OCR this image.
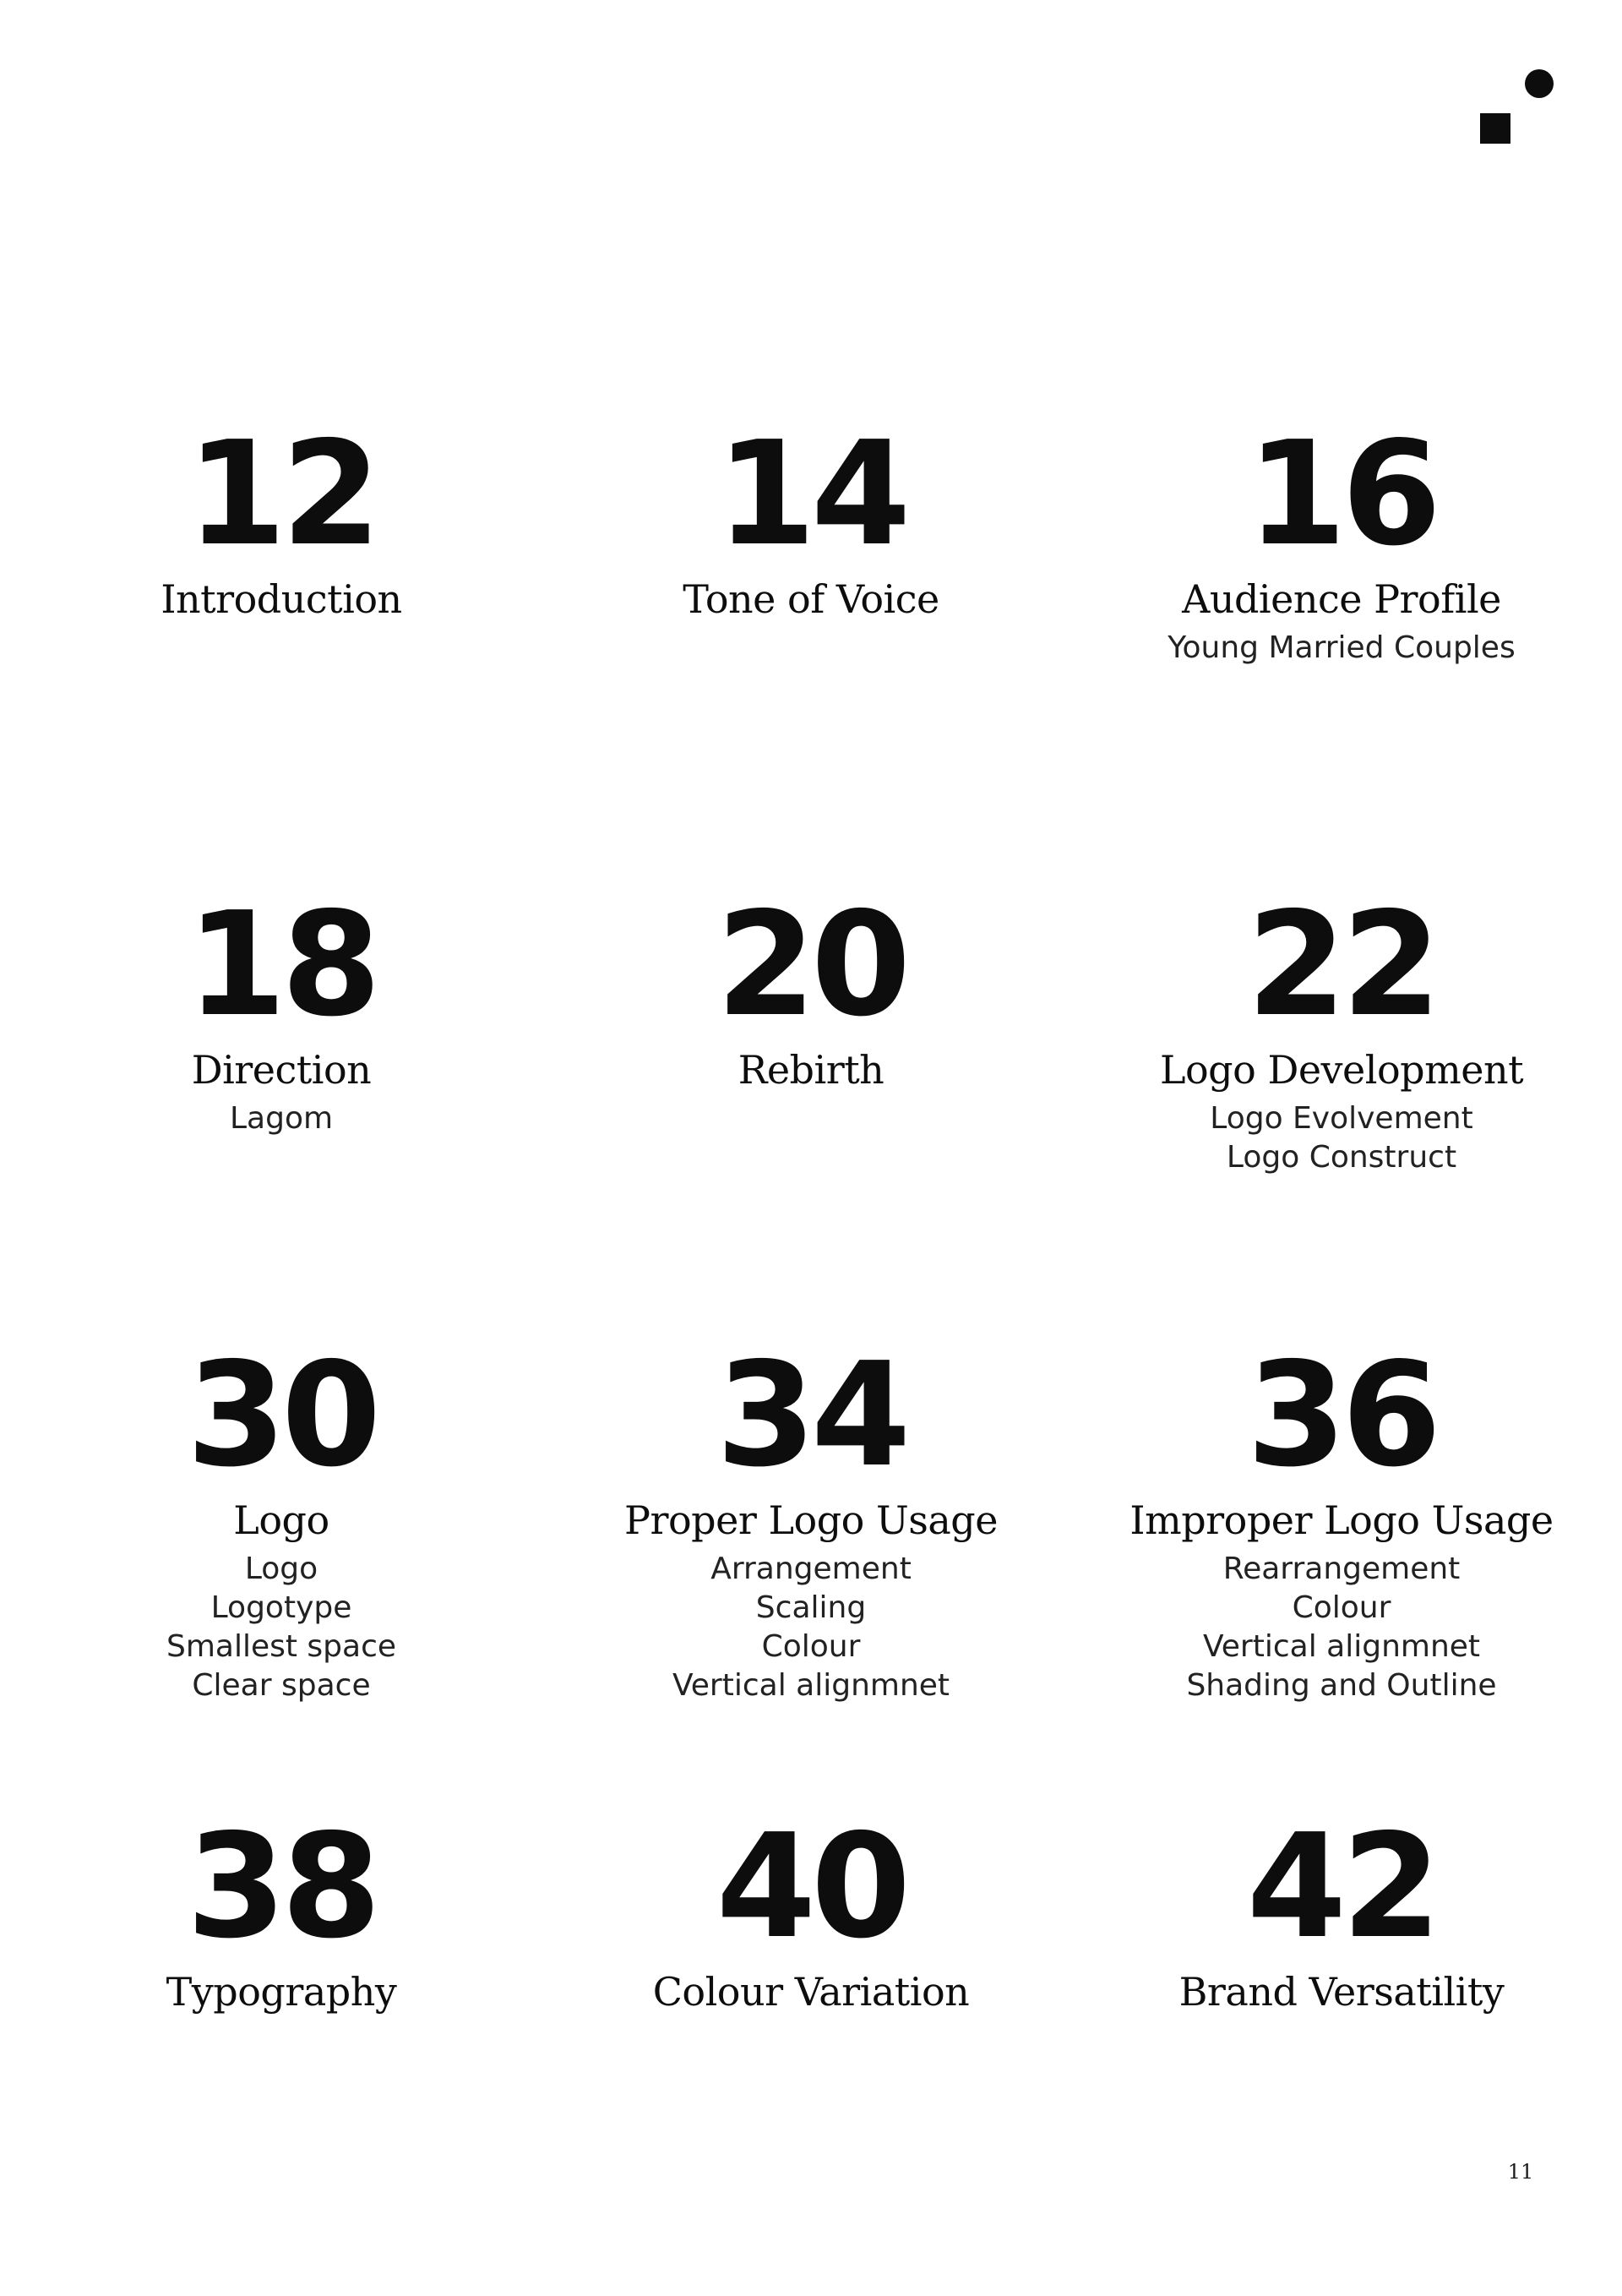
12
Introduction
14
Tone of Voice
16
Audience Profile
Young Married Couples
18
Direction
Lagom
20
Rebirth
22
Logo Development
Logo Evolvement
Logo Construct
30
Logo
Logo
Logotype
Smallest space
Clear space
34
Proper Logo Usage
Arrangement
Scaling
Colour
Vertical alignmnet
36
Improper Logo Usage
Rearrangement
Colour
Vertical alignmnet
Shading and Outline
38
Typography
40
Colour Variation
42
Brand Versatility
11
